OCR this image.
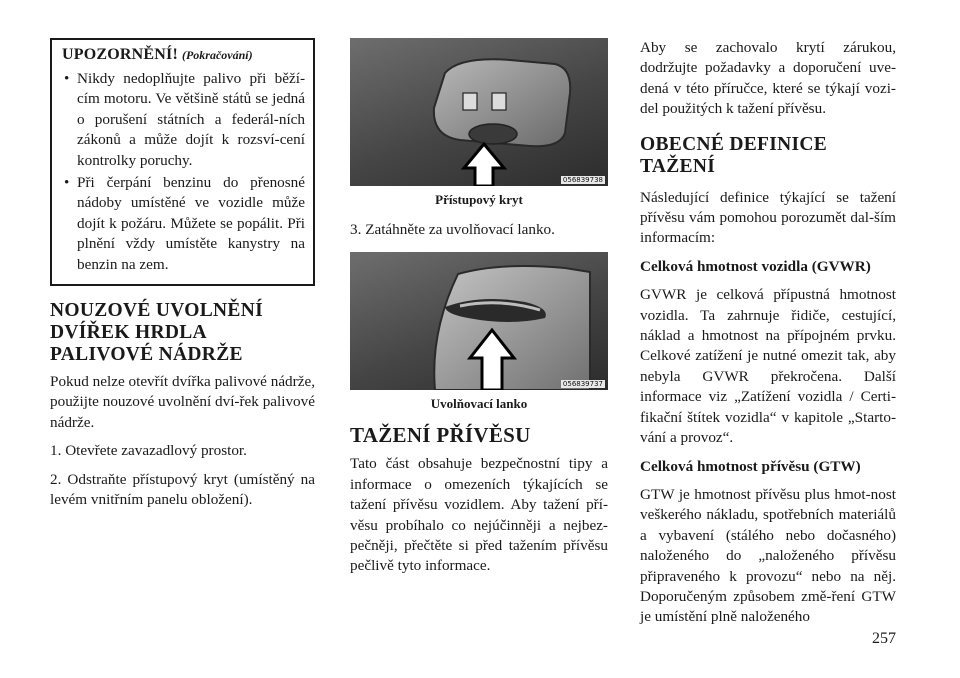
UPOZORNĚNÍ! (Pokračování)

• Nikdy nedoplňujte palivo při běží-cím motoru. Ve většině států se jedná o porušení státních a federál-ních zákonů a může dojít k rozsví-cení kontrolky poruchy.

• Při čerpání benzinu do přenosné nádoby umístěné ve vozidle může dojít k požáru. Můžete se popálit. Při plnění vždy umístěte kanystry na benzin na zem.

NOUZOVÉ UVOLNĚNÍ
DVÍŘEK HRDLA
PALIVOVÉ NÁDRŽE

Pokud nelze otevřít dvířka palivové nádrže, použijte nouzové uvolnění dví-řek palivové nádrže.

1. Otevřete zavazadlový prostor.

2. Odstraňte přístupový kryt (umístěný na levém vnitřním panelu obložení).

056839738
Přístupový kryt

3. Zatáhněte za uvolňovací lanko.

056839737
Uvolňovací lanko
TAŽENÍ PŘÍVĚSU

Tato část obsahuje bezpečnostní tipy a informace o omezeních týkajících se tažení přívěsu vozidlem. Aby tažení pří-věsu probíhalo co nejúčinněji a nejbez-pečněji, přečtěte si před tažením přívěsu pečlivě tyto informace.

Aby se zachovalo krytí zárukou, dodržujte požadavky a doporučení uve-dená v této příručce, které se týkají vozi-del použitých k tažení přívěsu.

OBECNÉ DEFINICE
TAŽENÍ

Následující definice týkající se tažení přívěsu vám pomohou porozumět dal-ším informacím:

Celková hmotnost vozidla (GVWR)

GVWR je celková přípustná hmotnost vozidla. Ta zahrnuje řidiče, cestující, náklad a hmotnost na přípojném prvku. Celkové zatížení je nutné omezit tak, aby nebyla GVWR překročena. Další informace viz „Zatížení vozidla / Certi-fikační štítek vozidla“ v kapitole „Starto-vání a provoz“.

Celková hmotnost přívěsu (GTW)

GTW je hmotnost přívěsu plus hmot-nost veškerého nákladu, spotřebních materiálů a vybavení (stálého nebo dočasného) naloženého do „naloženého přívěsu připraveného k provozu“ nebo na něj. Doporučeným způsobem změ-ření GTW je umístění plně naloženého

257
